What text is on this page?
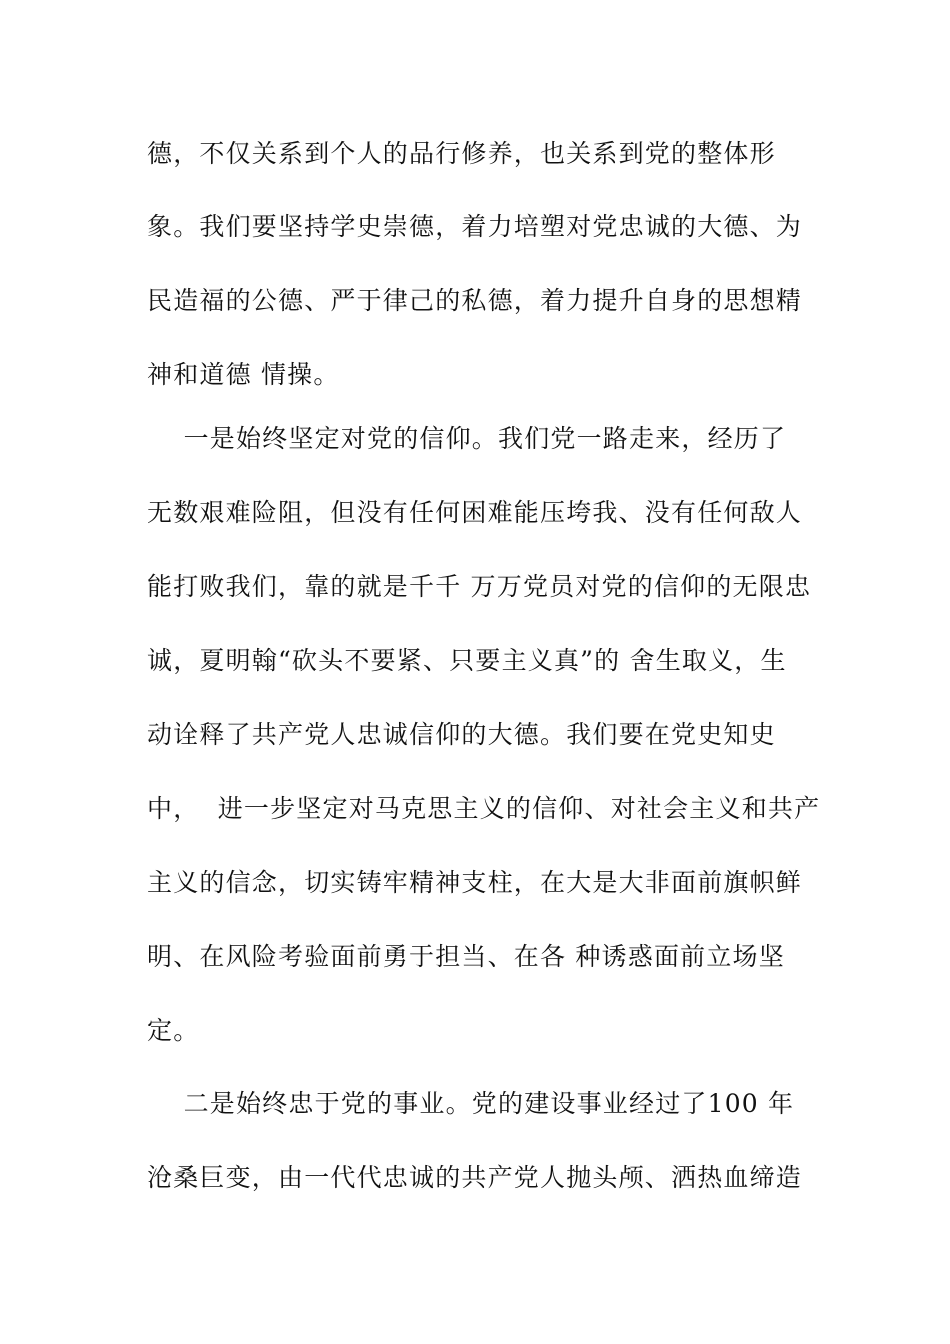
德，不仅关系到个人的品行修养，也关系到党的整体形

象。我们要坚持学史崇德，着力培塑对党忠诚的大德、为

民造福的公德、严于律己的私德，着力提升自身的思想精

神和道德 情操。

一是始终坚定对党的信仰。我们党一路走来，经历了

无数艰难险阻，但没有任何困难能压垮我、没有任何敌人

能打败我们，靠的就是千千 万万党员对党的信仰的无限忠

诚，夏明翰“砍头不要紧、只要主义真”的 舍生取义，生

动诠释了共产党人忠诚信仰的大德。我们要在党史知史

中，  进一步坚定对马克思主义的信仰、对社会主义和共产

主义的信念，切实铸牢精神支柱，在大是大非面前旗帜鲜

明、在风险考验面前勇于担当、在各 种诱惑面前立场坚

定。

二是始终忠于党的事业。党的建设事业经过了100 年

沧桑巨变，由一代代忠诚的共产党人抛头颅、洒热血缔造
